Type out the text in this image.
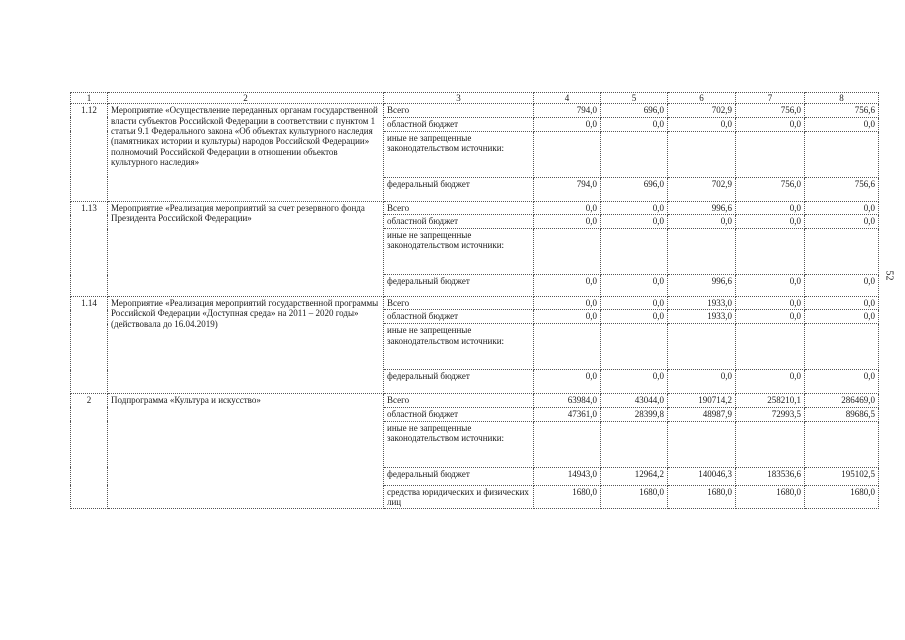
52
1	2	3	4	5	6	7	8
1.12	Мероприятие «Осуществление переданных органам государственной власти субъектов Российской Федерации в соответствии с пунктом 1 статьи 9.1 Федерального закона «Об объектах культурного наследия (памятниках истории и культуры) народов Российской Федерации» полномочий Российской Федерации в отношении объектов культурного наследия»	Всего	794,0	696,0	702,9	756,0	756,6
		областной бюджет	0,0	0,0	0,0	0,0	0,0
		иные не запрещенные законодательством источники:					
		федеральный бюджет	794,0	696,0	702,9	756,0	756,6
1.13	Мероприятие «Реализация мероприятий за счет резервного фонда Президента Российской Федерации»	Всего	0,0	0,0	996,6	0,0	0,0
		областной бюджет	0,0	0,0	0,0	0,0	0,0
		иные не запрещенные законодательством источники:					
		федеральный бюджет	0,0	0,0	996,6	0,0	0,0
1.14	Мероприятие «Реализация мероприятий государственной программы Российской Федерации «Доступная среда» на 2011 – 2020 годы» (действовала до 16.04.2019)	Всего	0,0	0,0	1933,0	0,0	0,0
		областной бюджет	0,0	0,0	1933,0	0,0	0,0
		иные не запрещенные законодательством источники:					
		федеральный бюджет	0,0	0,0	0,0	0,0	0,0
2	Подпрограмма «Культура и искусство»	Всего	63984,0	43044,0	190714,2	258210,1	286469,0
		областной бюджет	47361,0	28399,8	48987,9	72993,5	89686,5
		иные не запрещенные законодательством источники:					
		федеральный бюджет	14943,0	12964,2	140046,3	183536,6	195102,5
		средства юридических и физических лиц	1680,0	1680,0	1680,0	1680,0	1680,0
